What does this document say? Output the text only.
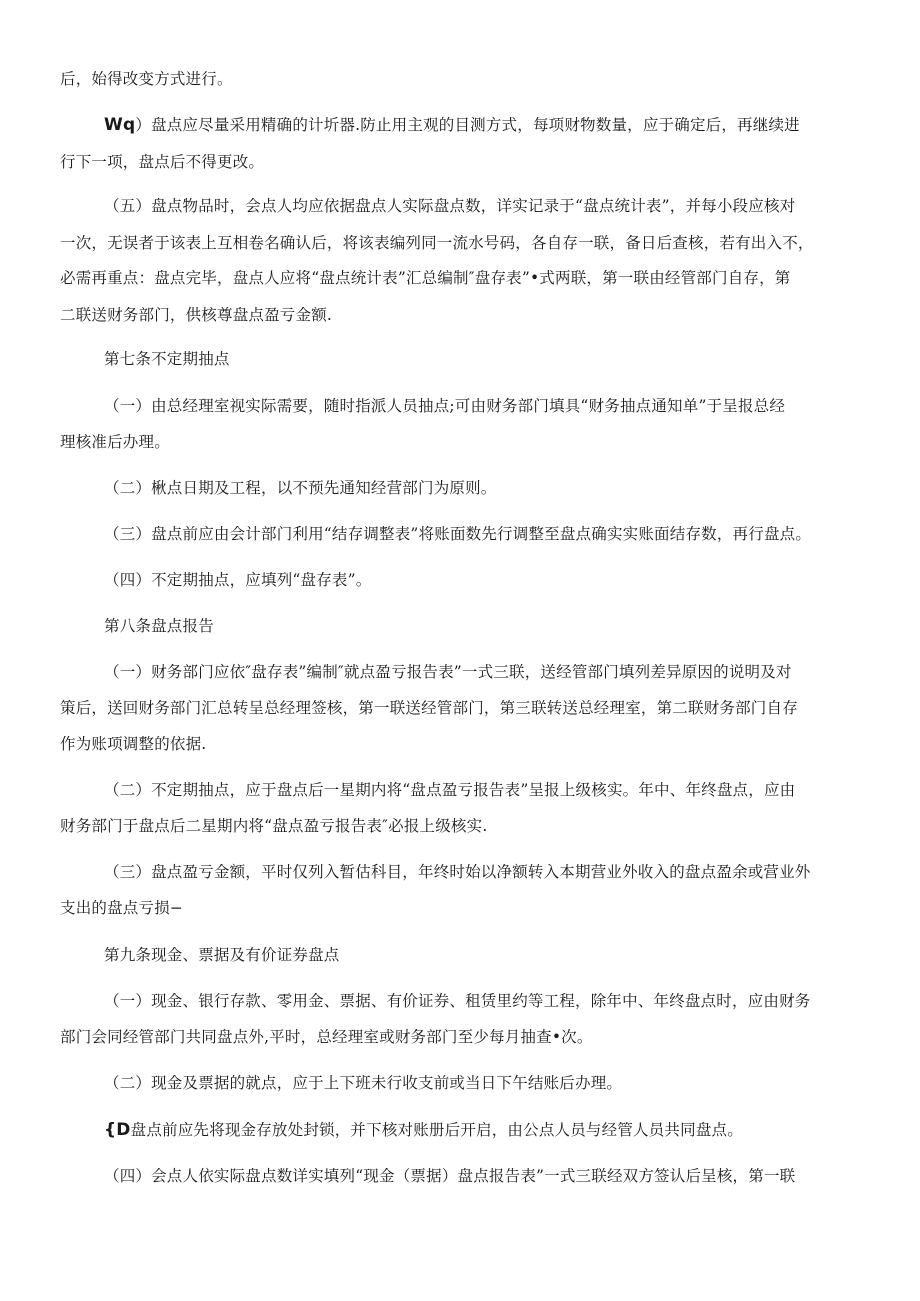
后，始得改变方式进行。
Wq）盘点应尽量采用精确的计圻器.防止用主观的目测方式，每项财物数量，应于确定后，再继续进
行下一项，盘点后不得更改。
（五）盘点物品时，会点人均应依据盘点人实际盘点数，详实记录于“盘点统计表”，并每小段应核对
一次，无误者于该表上互相卷名确认后，将该表编列同一流水号码，各自存一联，备日后查核，若有出入不，
必需再重点：盘点完毕，盘点人应将“盘点统计表”汇总编制″盘存表”•式两联，第一联由经管部门自存，第
二联送财务部门，供核尊盘点盈亏金额.
第七条不定期抽点
（一）由总经理室视实际需要，随时指派人员抽点;可由财务部门填具“财务抽点通知单”于呈报总经
理核准后办理。
（二）楸点日期及工程，以不预先通知经营部门为原则。
（三）盘点前应由会计部门利用“结存调整表”将账面数先行调整至盘点确实实账面结存数，再行盘点。
（四）不定期抽点，应填列“盘存表”。
第八条盘点报告
（一）财务部门应依″盘存表”编制″就点盈亏报告表”一式三联，送经管部门填列差异原因的说明及对
策后，送回财务部门汇总转呈总经理签核，第一联送经管部门，第三联转送总经理室，第二联财务部门自存
作为账项调整的依据.
（二）不定期抽点，应于盘点后一星期内将“盘点盈亏报告表”呈报上级核实。年中、年终盘点，应由
财务部门于盘点后二星期内将“盘点盈亏报告表″必报上级核实.
（三）盘点盈亏金额，平时仅列入暂估科目，年终时始以净额转入本期营业外收入的盘点盈余或营业外
支出的盘点亏损−
第九条现金、票据及有价证券盘点
（一）现金、银行存款、零用金、票据、有价证券、租赁里约等工程，除年中、年终盘点时，应由财务
部门会同经管部门共同盘点外,平时，总经理室或财务部门至少每月抽查•次。
（二）现金及票据的就点，应于上下班未行收支前或当日下午结账后办理。
{D盘点前应先将现金存放处封锁，并下核对账册后开启，由公点人员与经管人员共同盘点。
（四）会点人依实际盘点数详实填列“现金（票据）盘点报告表”一式三联经双方签认后呈核，第一联
